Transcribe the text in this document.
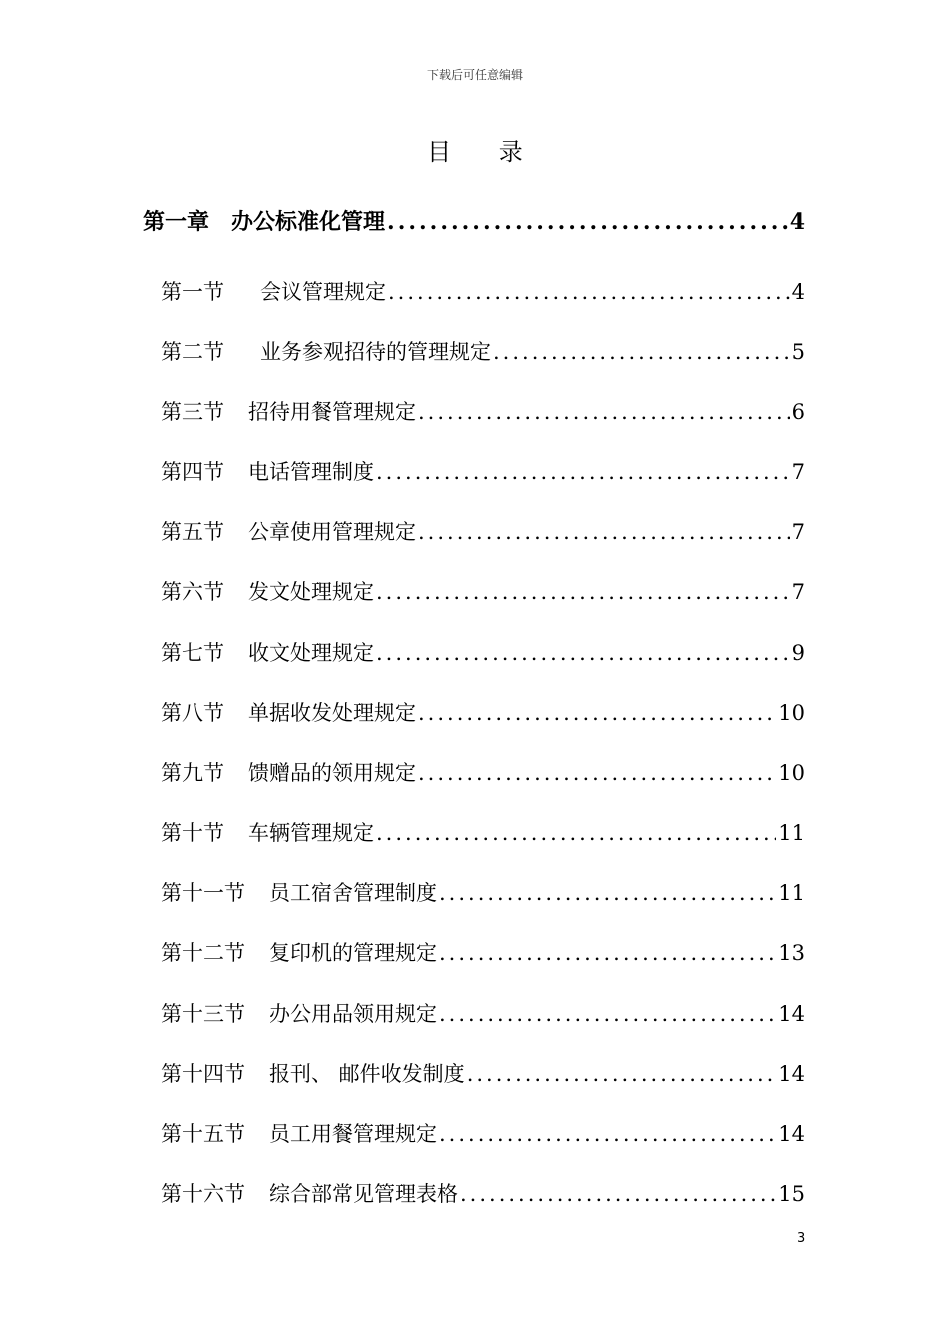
下载后可任意编辑
目 录
第一章 办公标准化管理 .....	4
第一节 会议管理规定 .....	4
第二节 业务参观招待的管理规定 .....	5
第三节 招待用餐管理规定 .....	6
第四节 电话管理制度 .....	7
第五节 公章使用管理规定 .....	7
第六节 发文处理规定 .....	7
第七节 收文处理规定 .....	9
第八节 单据收发处理规定 .....	10
第九节 馈赠品的领用规定 .....	10
第十节 车辆管理规定 .....	11
第十一节 员工宿舍管理制度 .....	11
第十二节 复印机的管理规定 .....	13
第十三节 办公用品领用规定 .....	14
第十四节 报刊、 邮件收发制度 .....	14
第十五节 员工用餐管理规定 .....	14
第十六节 综合部常见管理表格 .....	15
3
